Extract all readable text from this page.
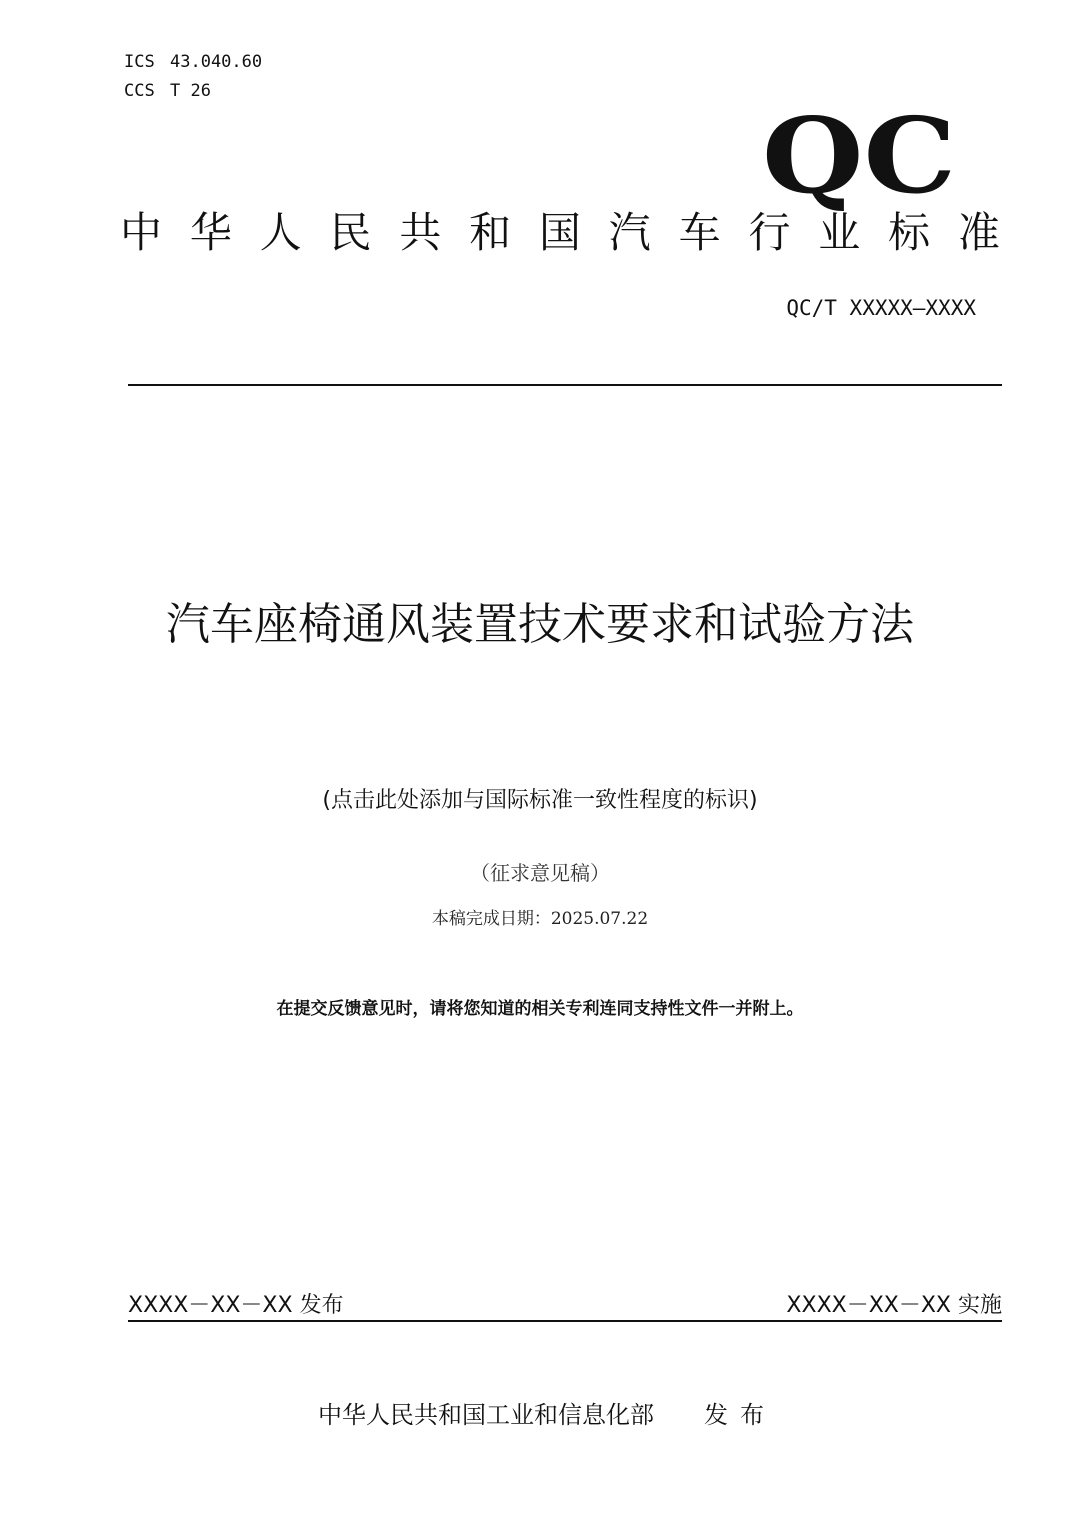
ICS 43.040.60
CCS T 26
QC
中 华 人 民 共 和 国 汽 车 行 业 标 准
QC/T XXXXX—XXXX
汽车座椅通风装置技术要求和试验方法
(点击此处添加与国际标准一致性程度的标识)
（征求意见稿）
本稿完成日期：2025.07.22
在提交反馈意见时，请将您知道的相关专利连同支持性文件一并附上。
XXXX－XX－XX 发布	XXXX－XX－XX 实施
中华人民共和国工业和信息化部 发布
